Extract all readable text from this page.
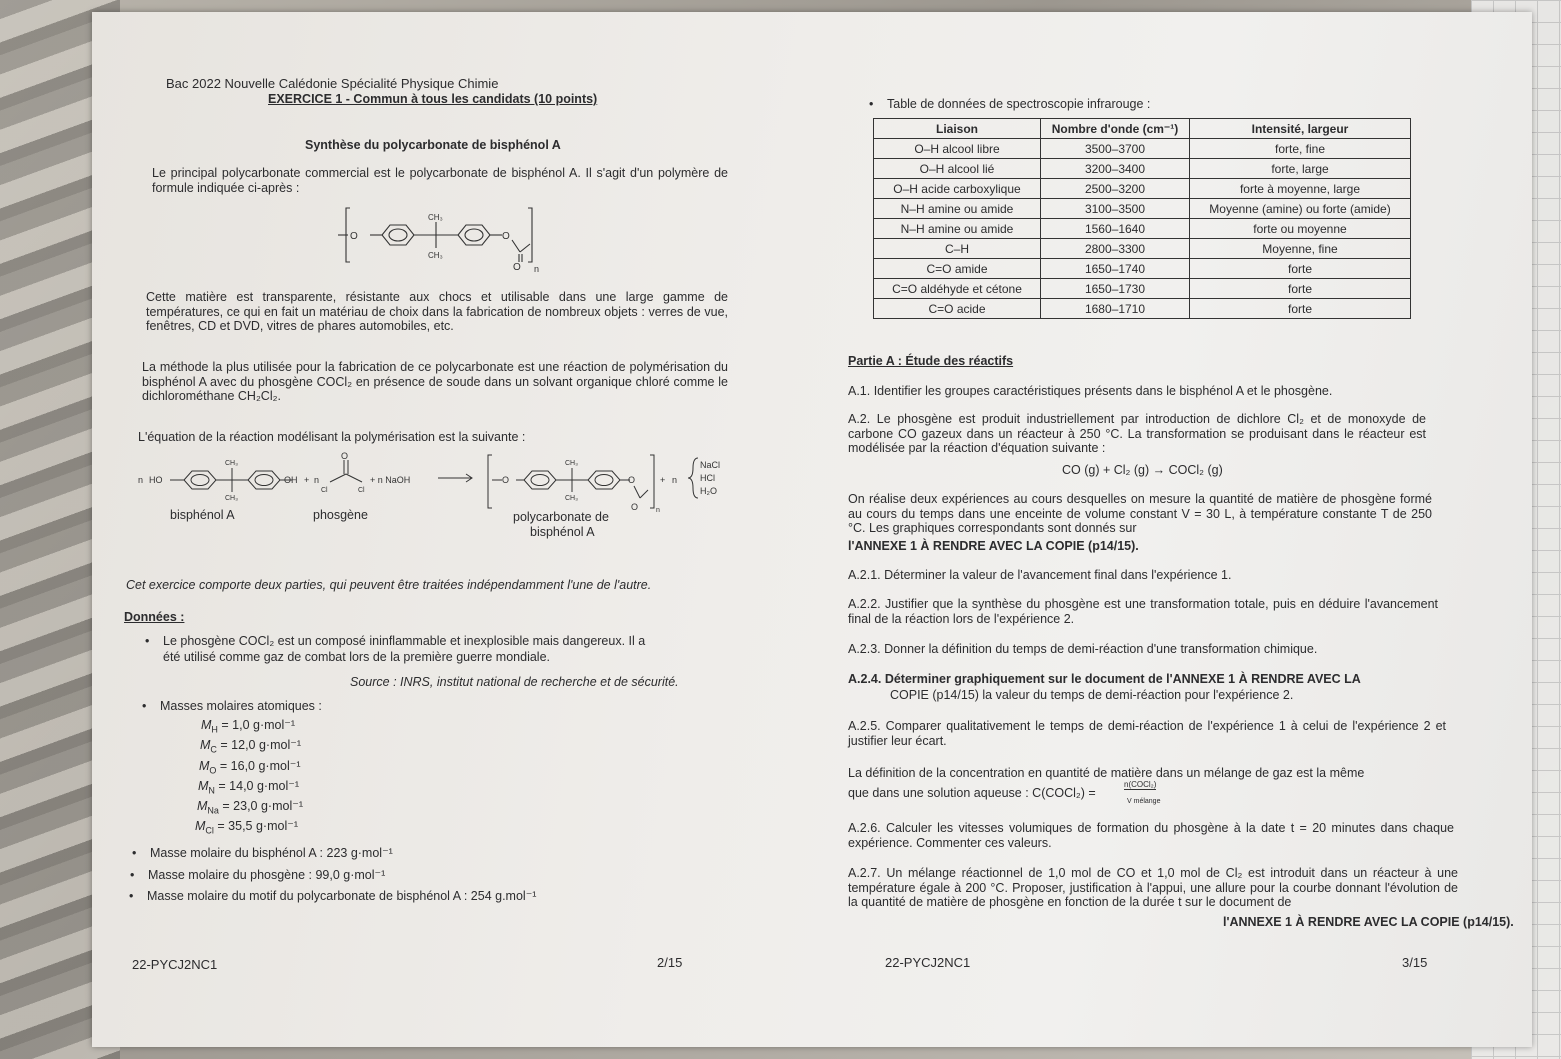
Bac 2022 Nouvelle Calédonie Spécialité Physique Chimie
EXERCICE 1 - Commun à tous les candidats (10 points)
Synthèse du polycarbonate de bisphénol A
Le principal polycarbonate commercial est le polycarbonate de bisphénol A. Il s'agit d'un polymère de formule indiquée ci-après :
O	O
O
CH₃
CH₃
n
Cette matière est transparente, résistante aux chocs et utilisable dans une large gamme de températures, ce qui en fait un matériau de choix dans la fabrication de nombreux objets : verres de vue, fenêtres, CD et DVD, vitres de phares automobiles, etc.
La méthode la plus utilisée pour la fabrication de ce polycarbonate est une réaction de polymérisation du bisphénol A avec du phosgène COCl₂ en présence de soude dans un solvant organique chloré comme le dichlorométhane CH₂Cl₂.
L'équation de la réaction modélisant la polymérisation est la suivante :
n HO
CH₃
CH₃
OH + n
O
Cl	Cl
+ n NaOH	O
CH₃
CH₃
O
O	n
+ n
NaCl
HCl
H₂O
bisphénol A	phosgène	polycarbonate de
bisphénol A
Cet exercice comporte deux parties, qui peuvent être traitées indépendamment l'une de l'autre.
Données :
• Le phosgène COCl₂ est un composé ininflammable et inexplosible mais dangereux. Il a
été utilisé comme gaz de combat lors de la première guerre mondiale.
Source : INRS, institut national de recherche et de sécurité.
• Masses molaires atomiques :
$M_H = 1,0$ g·mol⁻¹
$M_C = 12,0$ g·mol⁻¹
$M_O = 16,0$ g·mol⁻¹
$M_N = 14,0$ g·mol⁻¹
$M_{Na} = 23,0$ g·mol⁻¹
$M_{Cl} = 35,5$ g·mol⁻¹
• Masse molaire du bisphénol A : 223 g·mol⁻¹
• Masse molaire du phosgène : 99,0 g·mol⁻¹
• Masse molaire du motif du polycarbonate de bisphénol A : 254 g.mol⁻¹
22-PYCJ2NC1	2/15
• Table de données de spectroscopie infrarouge :
Liaison	Nombre d'onde (cm⁻¹)	Intensité, largeur
O–H alcool libre	3500–3700	forte, fine
O–H alcool lié	3200–3400	forte, large
O–H acide carboxylique	2500–3200	forte à moyenne, large
N–H amine ou amide	3100–3500	Moyenne (amine) ou forte (amide)
N–H amine ou amide	1560–1640	forte ou moyenne
C–H	2800–3300	Moyenne, fine
C=O amide	1650–1740	forte
C=O aldéhyde et cétone	1650–1730	forte
C=O acide	1680–1710	forte
Partie A : Étude des réactifs
A.1. Identifier les groupes caractéristiques présents dans le bisphénol A et le phosgène.
A.2. Le phosgène est produit industriellement par introduction de dichlore Cl₂ et de monoxyde de carbone CO gazeux dans un réacteur à 250 °C. La transformation se produisant dans le réacteur est modélisée par la réaction d'équation suivante :
CO (g) + Cl₂ (g) → COCl₂ (g)
On réalise deux expériences au cours desquelles on mesure la quantité de matière de phosgène formé au cours du temps dans une enceinte de volume constant V = 30 L, à température constante T de 250 °C. Les graphiques correspondants sont donnés sur
l'ANNEXE 1 À RENDRE AVEC LA COPIE (p14/15).
A.2.1. Déterminer la valeur de l'avancement final dans l'expérience 1.
A.2.2. Justifier que la synthèse du phosgène est une transformation totale, puis en déduire l'avancement final de la réaction lors de l'expérience 2.
A.2.3. Donner la définition du temps de demi-réaction d'une transformation chimique.
A.2.4. Déterminer graphiquement sur le document de l'ANNEXE 1 À RENDRE AVEC LA
COPIE (p14/15) la valeur du temps de demi-réaction pour l'expérience 2.
A.2.5. Comparer qualitativement le temps de demi-réaction de l'expérience 1 à celui de l'expérience 2 et justifier leur écart.
La définition de la concentration en quantité de matière dans un mélange de gaz est la même
que dans une solution aqueuse : C(COCl₂) =
n(COCl₂)
V mélange
A.2.6. Calculer les vitesses volumiques de formation du phosgène à la date t = 20 minutes dans chaque expérience. Commenter ces valeurs.
A.2.7. Un mélange réactionnel de 1,0 mol de CO et 1,0 mol de Cl₂ est introduit dans un réacteur à une température égale à 200 °C. Proposer, justification à l'appui, une allure pour la courbe donnant l'évolution de la quantité de matière de phosgène en fonction de la durée t sur le document de
l'ANNEXE 1 À RENDRE AVEC LA COPIE (p14/15).
22-PYCJ2NC1	3/15
